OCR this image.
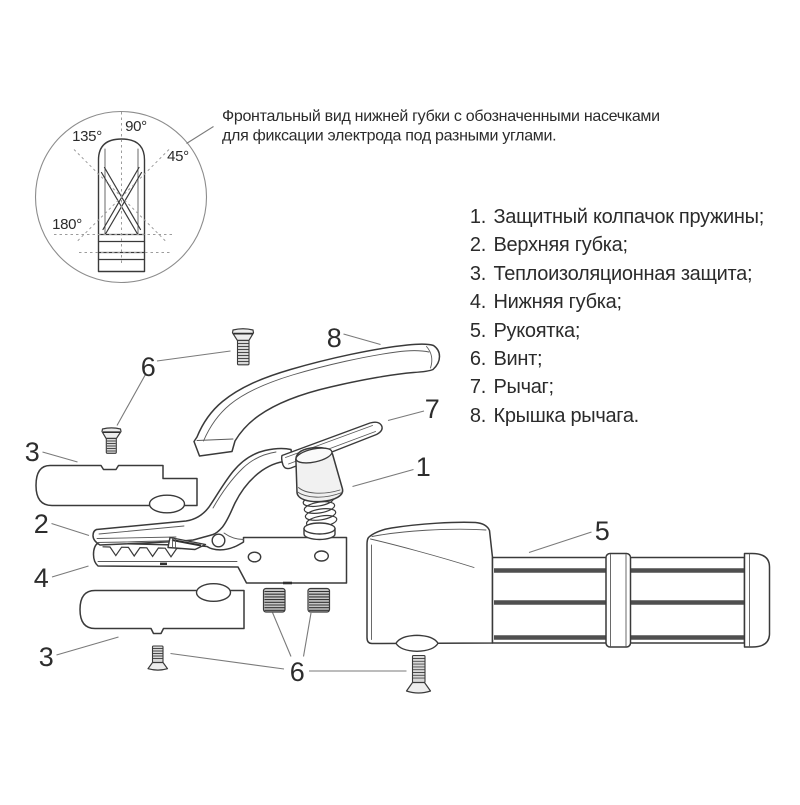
90°
135°
45°
180°
Фронтальный вид нижней губки с обозначенными насечками
для фиксации электрода под разными углами.
1. Защитный колпачок пружины;
2. Верхняя губка;
3. Теплоизоляционная защита;
4. Нижняя губка;
5. Рукоятка;
6. Винт;
7. Рычаг;
8. Крышка рычага.
8
6
3
2
4
3	6
7
1
5
